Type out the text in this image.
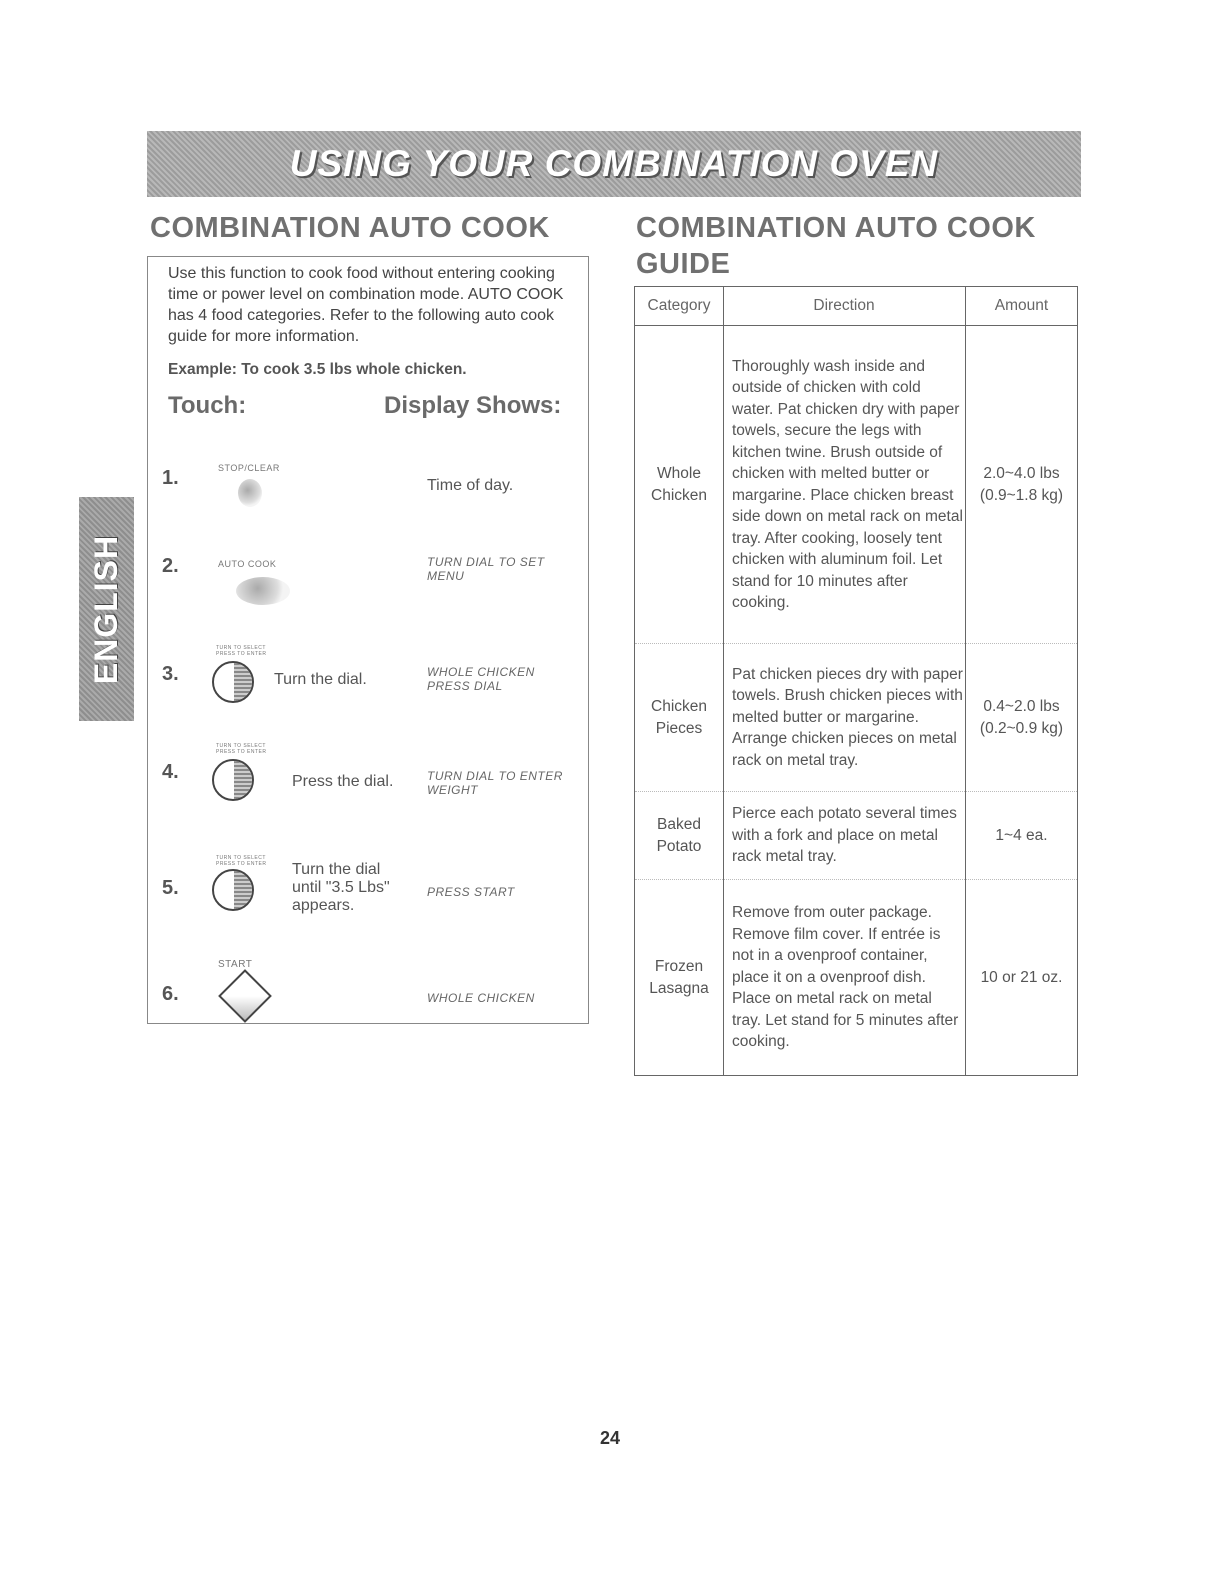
USING YOUR COMBINATION OVEN
ENGLISH
COMBINATION AUTO COOK	COMBINATION AUTO COOK GUIDE
Use this function to cook food without entering cooking time or power level on combination mode. AUTO COOK has 4 food categories. Refer to the following auto cook guide for more information.
Example: To cook 3.5 lbs whole chicken.
Touch:	Display Shows:
1.	STOP/CLEAR
Time of day.
2.	AUTO COOK	TURN DIAL TO SET MENU
3.
TURN TO SELECT PRESS TO ENTER
Turn the dial.	WHOLE CHICKEN PRESS DIAL
4.
TURN TO SELECT PRESS TO ENTER
Press the dial.	TURN DIAL TO ENTER WEIGHT
5.
TURN TO SELECT PRESS TO ENTER	Turn the dial until "3.5 Lbs" appears.
PRESS START
6.
START
WHOLE CHICKEN
Category	Direction	Amount
Whole Chicken	Thoroughly wash inside and outside of chicken with cold water. Pat chicken dry with paper towels, secure the legs with kitchen twine. Brush outside of chicken with melted butter or margarine. Place chicken breast side down on metal rack on metal tray. After cooking, loosely tent chicken with aluminum foil. Let stand for 10 minutes after cooking.	2.0~4.0 lbs (0.9~1.8 kg)
Chicken Pieces	Pat chicken pieces dry with paper towels. Brush chicken pieces with melted butter or margarine. Arrange chicken pieces on metal rack on metal tray.	0.4~2.0 lbs (0.2~0.9 kg)
Baked Potato	Pierce each potato several times with a fork and place on metal rack metal tray.	1~4 ea.
Frozen Lasagna	Remove from outer package. Remove film cover. If entrée is not in a ovenproof container, place it on a ovenproof dish. Place on metal rack on metal tray. Let stand for 5 minutes after cooking.	10 or 21 oz.
24
